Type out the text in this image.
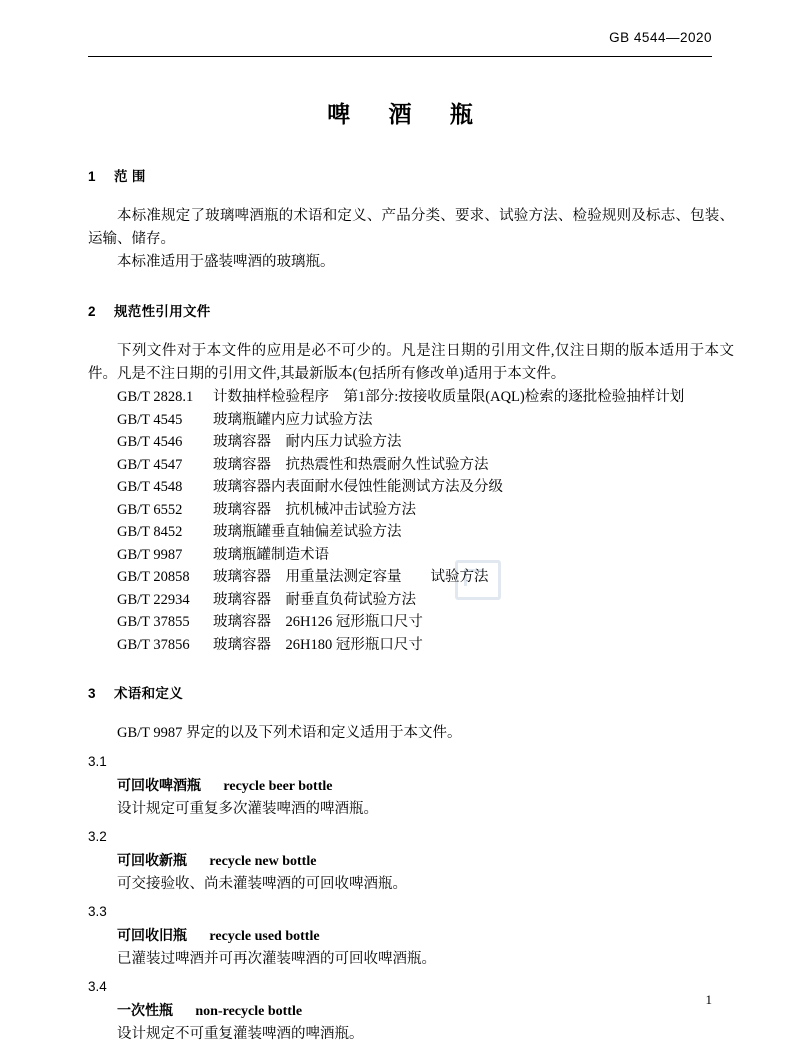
GB 4544—2020
啤 酒 瓶
1 范 围

本标准规定了玻璃啤酒瓶的术语和定义、产品分类、要求、试验方法、检验规则及标志、包装、运输、储存。

本标准适用于盛装啤酒的玻璃瓶。

2 规范性引用文件

下列文件对于本文件的应用是必不可少的。凡是注日期的引用文件,仅注日期的版本适用于本文件。凡是不注日期的引用文件,其最新版本(包括所有修改单)适用于本文件。

GB/T 2828.1 计数抽样检验程序　第1部分:按接收质量限(AQL)检索的逐批检验抽样计划
GB/T 4545 玻璃瓶罐内应力试验方法
GB/T 4546 玻璃容器　耐内压力试验方法
GB/T 4547 玻璃容器　抗热震性和热震耐久性试验方法
GB/T 4548 玻璃容器内表面耐水侵蚀性能测试方法及分级
GB/T 6552 玻璃容器　抗机械冲击试验方法
GB/T 8452 玻璃瓶罐垂直轴偏差试验方法
GB/T 9987 玻璃瓶罐制造术语
GB/T 20858 玻璃容器　用重量法测定容量　　试验方法
GB/T 22934 玻璃容器　耐垂直负荷试验方法
GB/T 37855 玻璃容器　26H126 冠形瓶口尺寸
GB/T 37856 玻璃容器　26H180 冠形瓶口尺寸
3 术语和定义

GB/T 9987 界定的以及下列术语和定义适用于本文件。

3.1
可回收啤酒瓶 recycle beer bottle
设计规定可重复多次灌装啤酒的啤酒瓶。
3.2
可回收新瓶 recycle new bottle
可交接验收、尚未灌装啤酒的可回收啤酒瓶。
3.3
可回收旧瓶 recycle used bottle
已灌装过啤酒并可再次灌装啤酒的可回收啤酒瓶。
3.4
一次性瓶 non-recycle bottle
设计规定不可重复灌装啤酒的啤酒瓶。
1
